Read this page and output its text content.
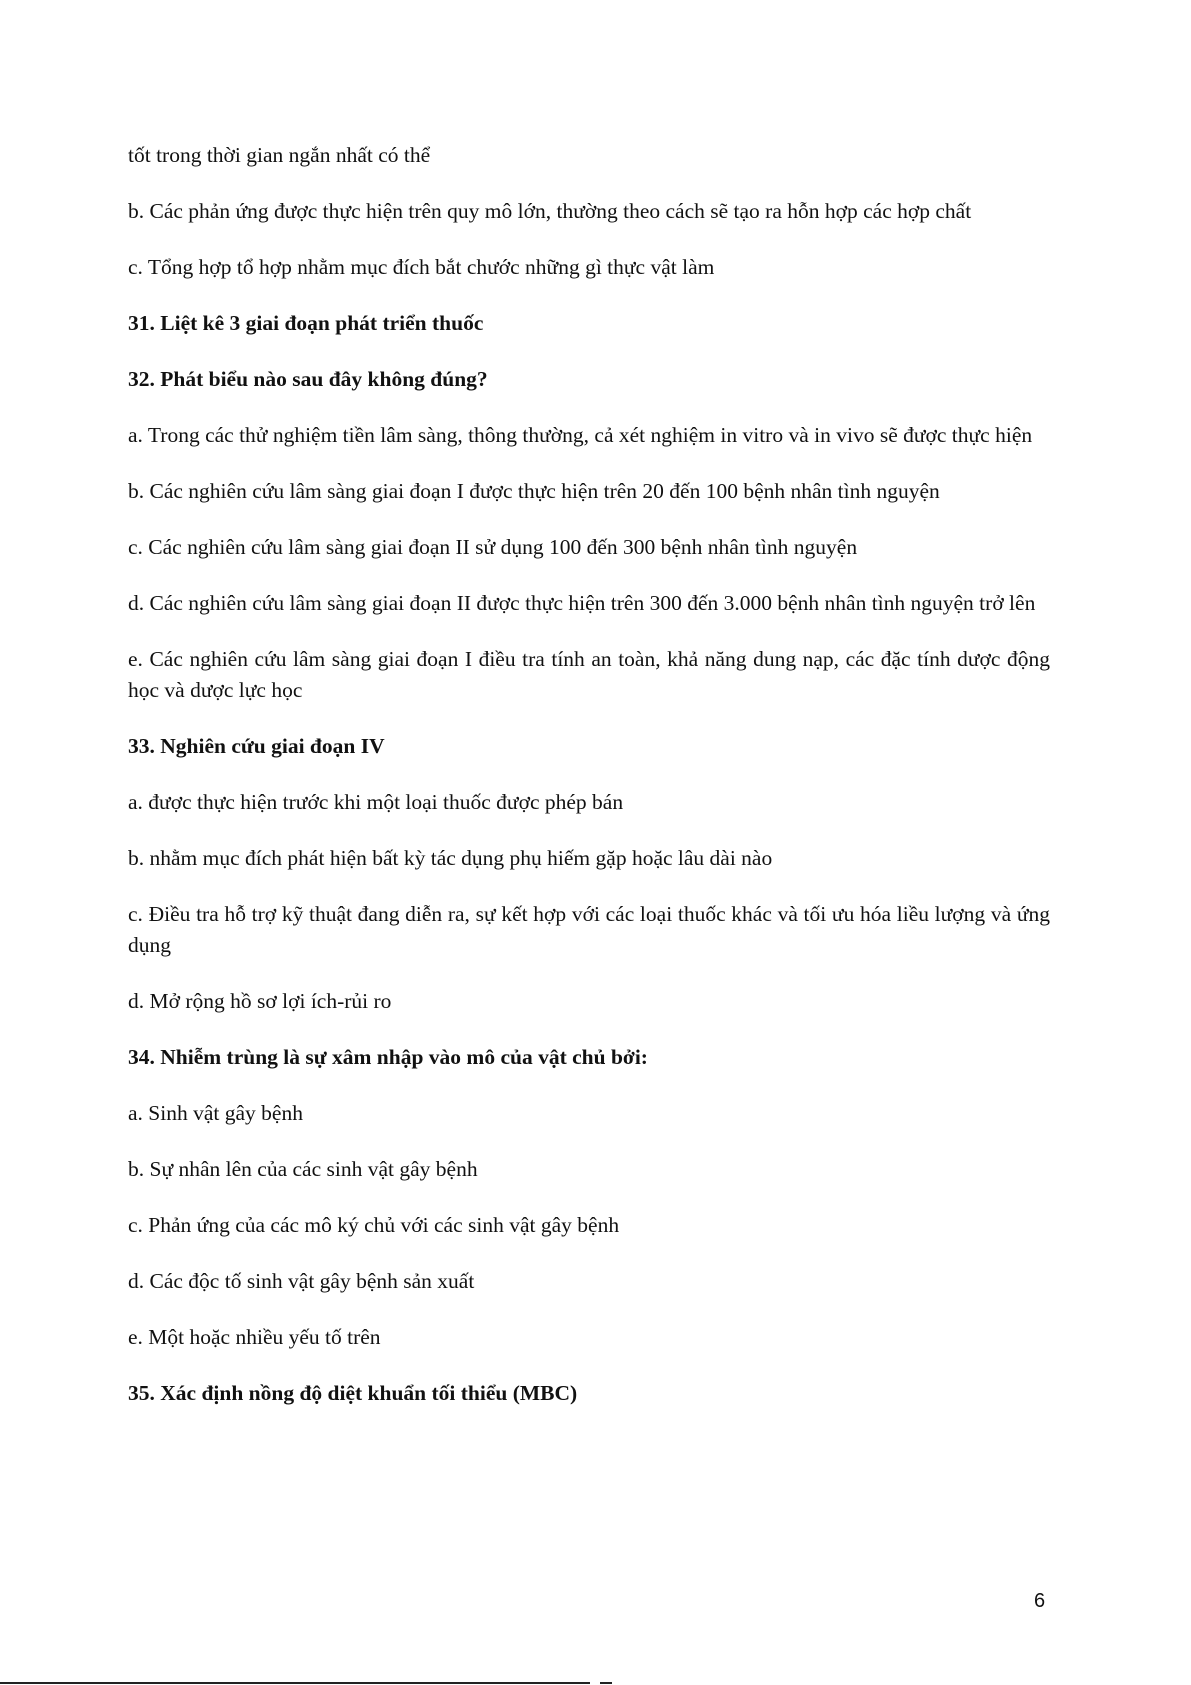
tốt trong thời gian ngắn nhất có thể

b. Các phản ứng được thực hiện trên quy mô lớn, thường theo cách sẽ tạo ra hỗn hợp các hợp chất

c. Tổng hợp tổ hợp nhằm mục đích bắt chước những gì thực vật làm

31. Liệt kê 3 giai đoạn phát triển thuốc

32. Phát biểu nào sau đây không đúng?

a. Trong các thử nghiệm tiền lâm sàng, thông thường, cả xét nghiệm in vitro và in vivo sẽ được thực hiện

b. Các nghiên cứu lâm sàng giai đoạn I được thực hiện trên 20 đến 100 bệnh nhân tình nguyện

c. Các nghiên cứu lâm sàng giai đoạn II sử dụng 100 đến 300 bệnh nhân tình nguyện

d. Các nghiên cứu lâm sàng giai đoạn II được thực hiện trên 300 đến 3.000 bệnh nhân tình nguyện trở lên

e. Các nghiên cứu lâm sàng giai đoạn I điều tra tính an toàn, khả năng dung nạp, các đặc tính dược động học và dược lực học

33. Nghiên cứu giai đoạn IV

a. được thực hiện trước khi một loại thuốc được phép bán

b. nhằm mục đích phát hiện bất kỳ tác dụng phụ hiếm gặp hoặc lâu dài nào

c. Điều tra hỗ trợ kỹ thuật đang diễn ra, sự kết hợp với các loại thuốc khác và tối ưu hóa liều lượng và ứng dụng

d. Mở rộng hồ sơ lợi ích-rủi ro

34. Nhiễm trùng là sự xâm nhập vào mô của vật chủ bởi:

a. Sinh vật gây bệnh

b. Sự nhân lên của các sinh vật gây bệnh

c. Phản ứng của các mô ký chủ với các sinh vật gây bệnh

d. Các độc tố sinh vật gây bệnh sản xuất

e. Một hoặc nhiều yếu tố trên

35. Xác định nồng độ diệt khuẩn tối thiểu (MBC)

6
